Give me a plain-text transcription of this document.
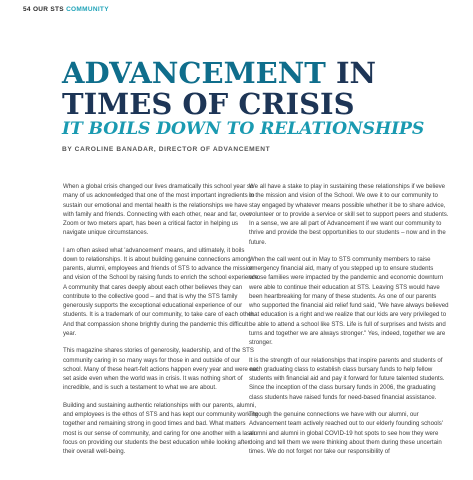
54 OUR STS COMMUNITY
ADVANCEMENT IN
TIMES OF CRISIS
IT BOILS DOWN TO RELATIONSHIPS
BY CAROLINE BANADAR, DIRECTOR OF ADVANCEMENT

When a global crisis changed our lives dramatically this school year so many of us acknowledged that one of the most important ingredients to sustain our emotional and mental health is the relationships we have with family and friends. Connecting with each other, near and far, over Zoom or two meters apart, has been a critical factor in helping us navigate unique circumstances.

I am often asked what 'advancement' means, and ultimately, it boils down to relationships. It is about building genuine connections among parents, alumni, employees and friends of STS to advance the mission and vision of the School by raising funds to enrich the school experience. A community that cares deeply about each other believes they can contribute to the collective good – and that is why the STS family generously supports the exceptional educational experience of our students. It is a trademark of our community, to take care of each other. And that compassion shone brightly during the pandemic this difficult year.

This magazine shares stories of generosity, leadership, and of the STS community caring in so many ways for those in and outside of our school. Many of these heart-felt actions happen every year and were not set aside even when the world was in crisis. It was nothing short of incredible, and is such a testament to what we are about.

Building and sustaining authentic relationships with our parents, alumni, and employees is the ethos of STS and has kept our community working together and remaining strong in good times and bad. What matters most is our sense of community, and caring for one another with a laser focus on providing our students the best education while looking after their overall well-being.

We all have a stake to play in sustaining these relationships if we believe in the mission and vision of the School. We owe it to our community to stay engaged by whatever means possible whether it be to share advice, volunteer or to provide a service or skill set to support peers and students. In a sense, we are all part of Advancement if we want our community to thrive and provide the best opportunities to our students – now and in the future.

When the call went out in May to STS community members to raise emergency financial aid, many of you stepped up to ensure students whose families were impacted by the pandemic and economic downturn were able to continue their education at STS. Leaving STS would have been heartbreaking for many of these students. As one of our parents who supported the financial aid relief fund said, "We have always believed that education is a right and we realize that our kids are very privileged to be able to attend a school like STS. Life is full of surprises and twists and turns and together we are always stronger." Yes, indeed, together we are stronger.

It is the strength of our relationships that inspire parents and students of each graduating class to establish class bursary funds to help fellow students with financial aid and pay it forward for future talented students. Since the inception of the class bursary funds in 2006, the graduating class students have raised funds for need-based financial assistance.

Through the genuine connections we have with our alumni, our Advancement team actively reached out to our elderly founding schools' alumni and alumni in global COVID-19 hot spots to see how they were doing and tell them we were thinking about them during these uncertain times. We do not forget nor take our responsibility of
